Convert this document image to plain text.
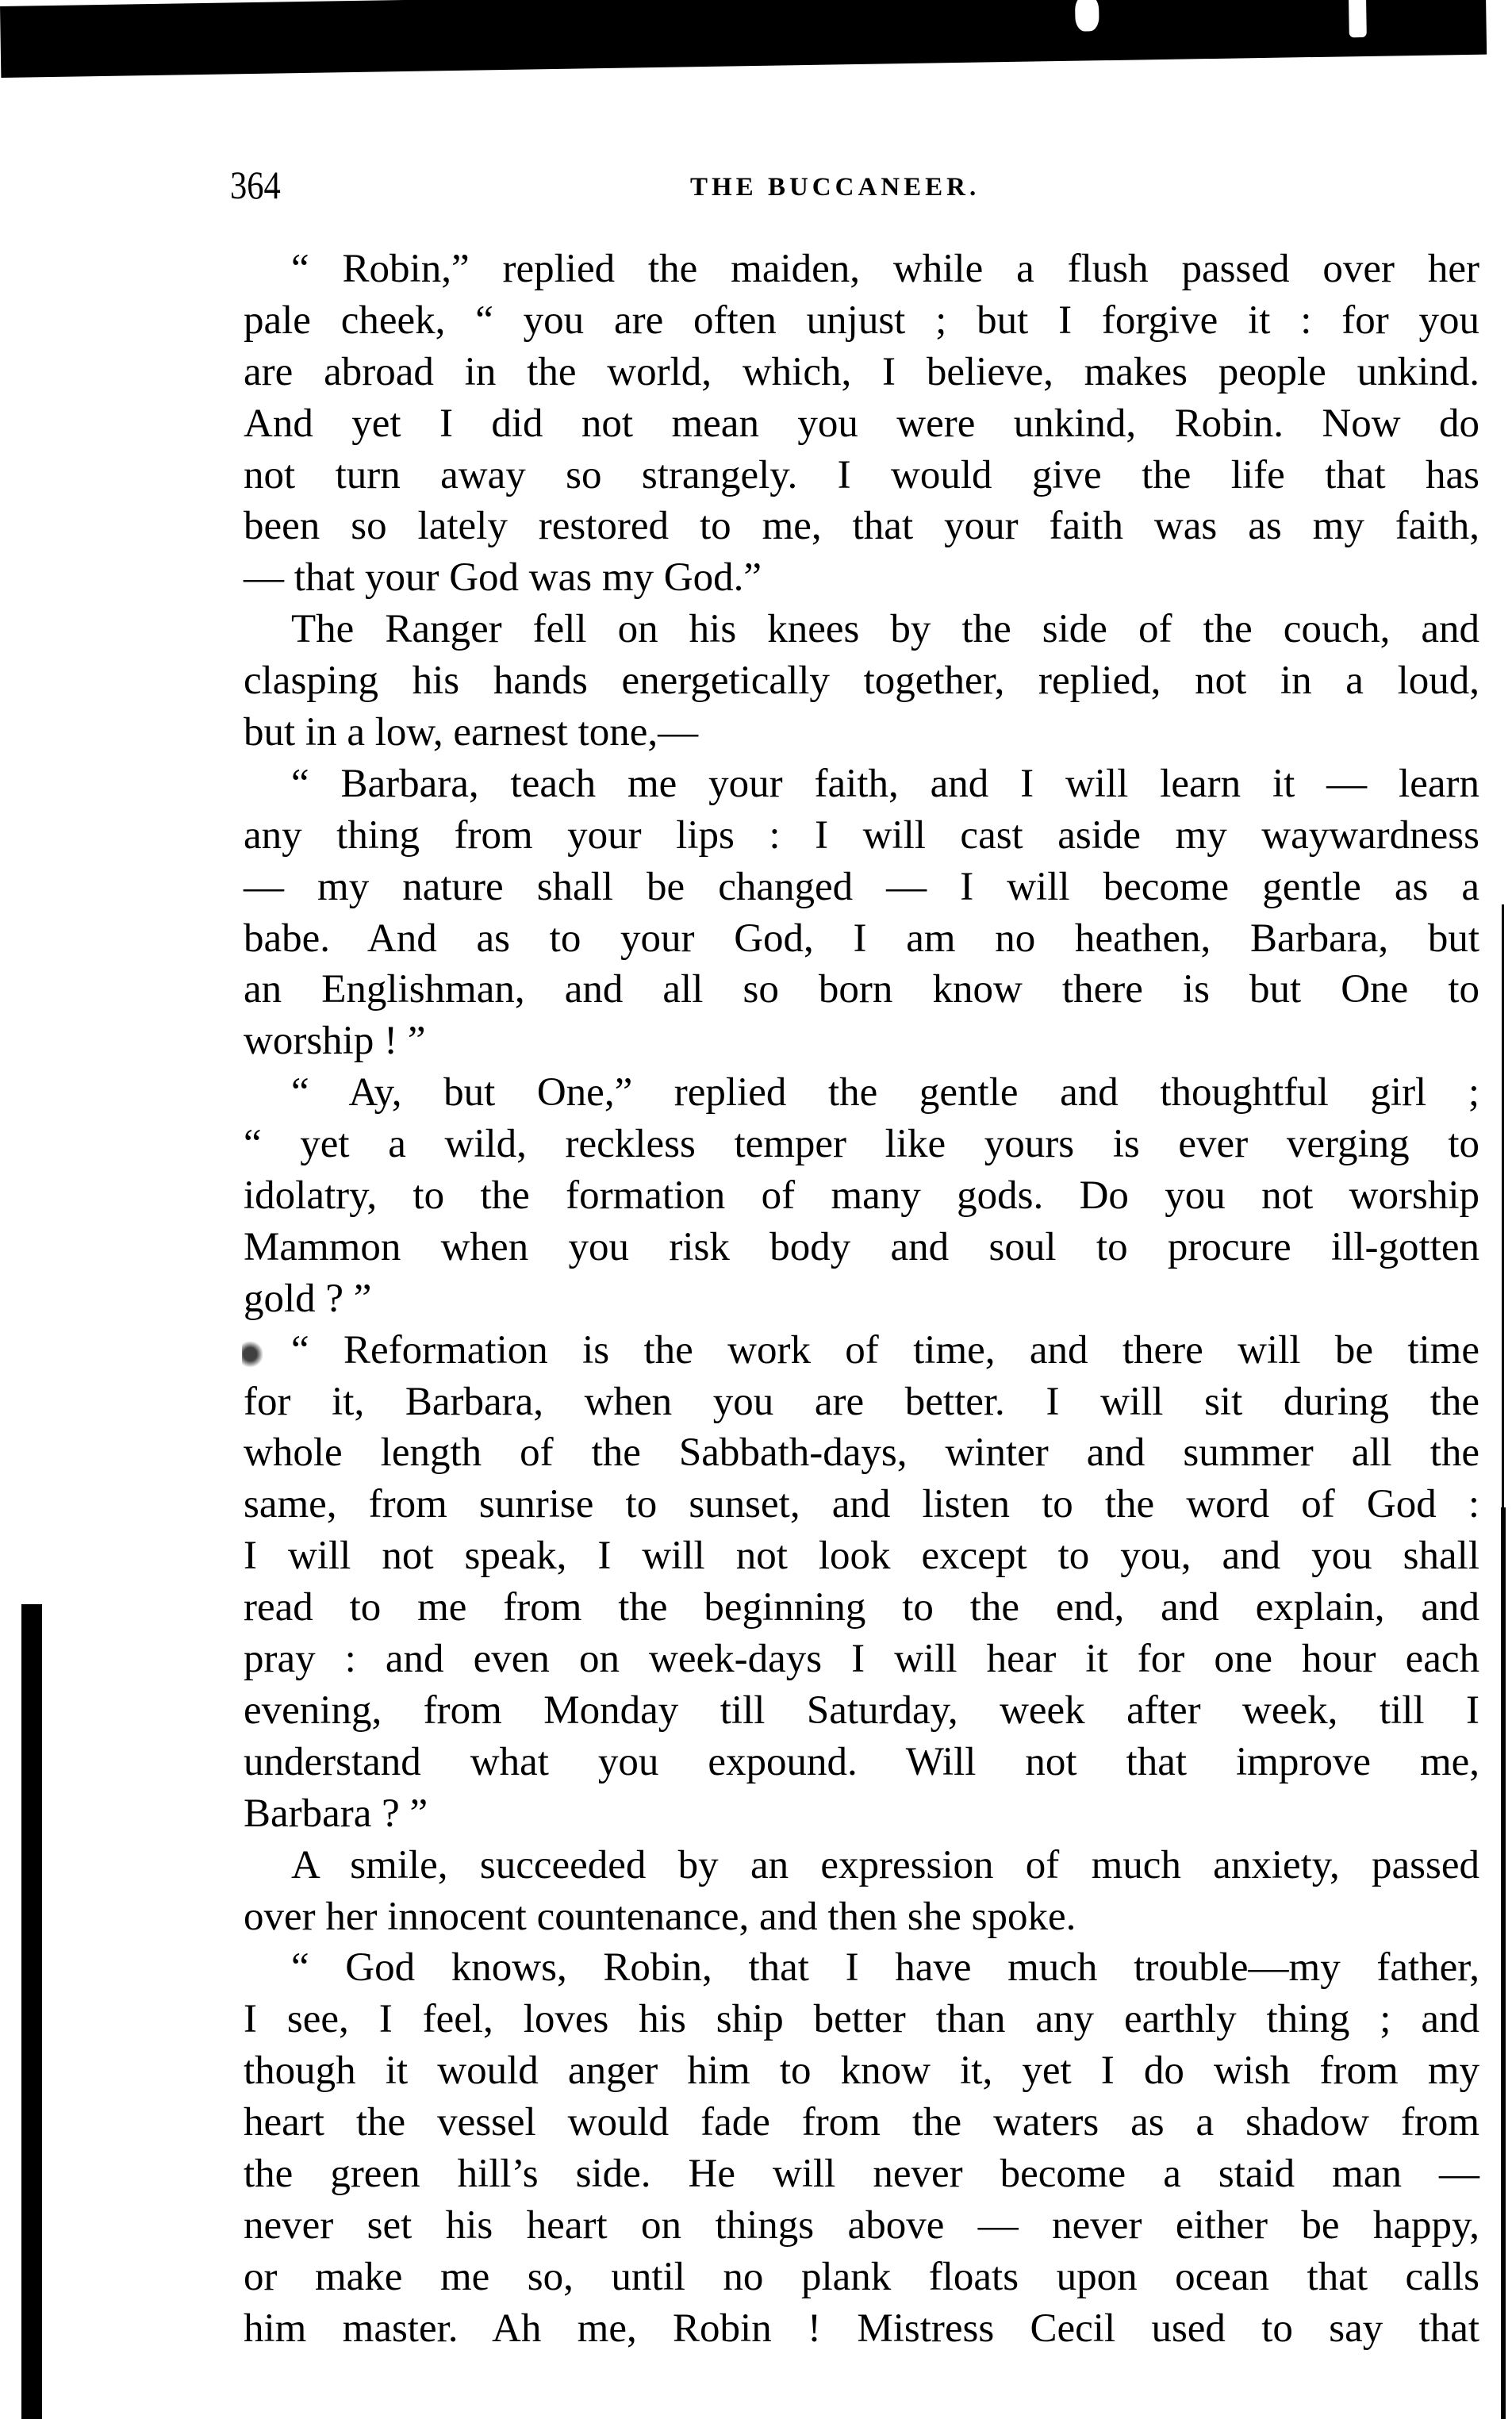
364	THE BUCCANEER.
“ Robin,” replied the maiden, while a flush passed over her
pale cheek, “ you are often unjust ; but I forgive it : for you
are abroad in the world, which, I believe, makes people unkind.
And yet I did not mean you were unkind, Robin. Now do
not turn away so strangely. I would give the life that has
been so lately restored to me, that your faith was as my faith,
— that your God was my God.”
The Ranger fell on his knees by the side of the couch, and
clasping his hands energetically together, replied, not in a loud,
but in a low, earnest tone,—
“ Barbara, teach me your faith, and I will learn it — learn
any thing from your lips : I will cast aside my waywardness
— my nature shall be changed — I will become gentle as a
babe. And as to your God, I am no heathen, Barbara, but
an Englishman, and all so born know there is but One to
worship ! ”
“ Ay, but One,” replied the gentle and thoughtful girl ;
“ yet a wild, reckless temper like yours is ever verging to
idolatry, to the formation of many gods. Do you not worship
Mammon when you risk body and soul to procure ill-gotten
gold ? ”
“ Reformation is the work of time, and there will be time
for it, Barbara, when you are better. I will sit during the
whole length of the Sabbath-days, winter and summer all the
same, from sunrise to sunset, and listen to the word of God :
I will not speak, I will not look except to you, and you shall
read to me from the beginning to the end, and explain, and
pray : and even on week-days I will hear it for one hour each
evening, from Monday till Saturday, week after week, till I
understand what you expound. Will not that improve me,
Barbara ? ”
A smile, succeeded by an expression of much anxiety, passed
over her innocent countenance, and then she spoke.
“ God knows, Robin, that I have much trouble—my father,
I see, I feel, loves his ship better than any earthly thing ; and
though it would anger him to know it, yet I do wish from my
heart the vessel would fade from the waters as a shadow from
the green hill’s side. He will never become a staid man —
never set his heart on things above — never either be happy,
or make me so, until no plank floats upon ocean that calls
him master. Ah me, Robin ! Mistress Cecil used to say that
